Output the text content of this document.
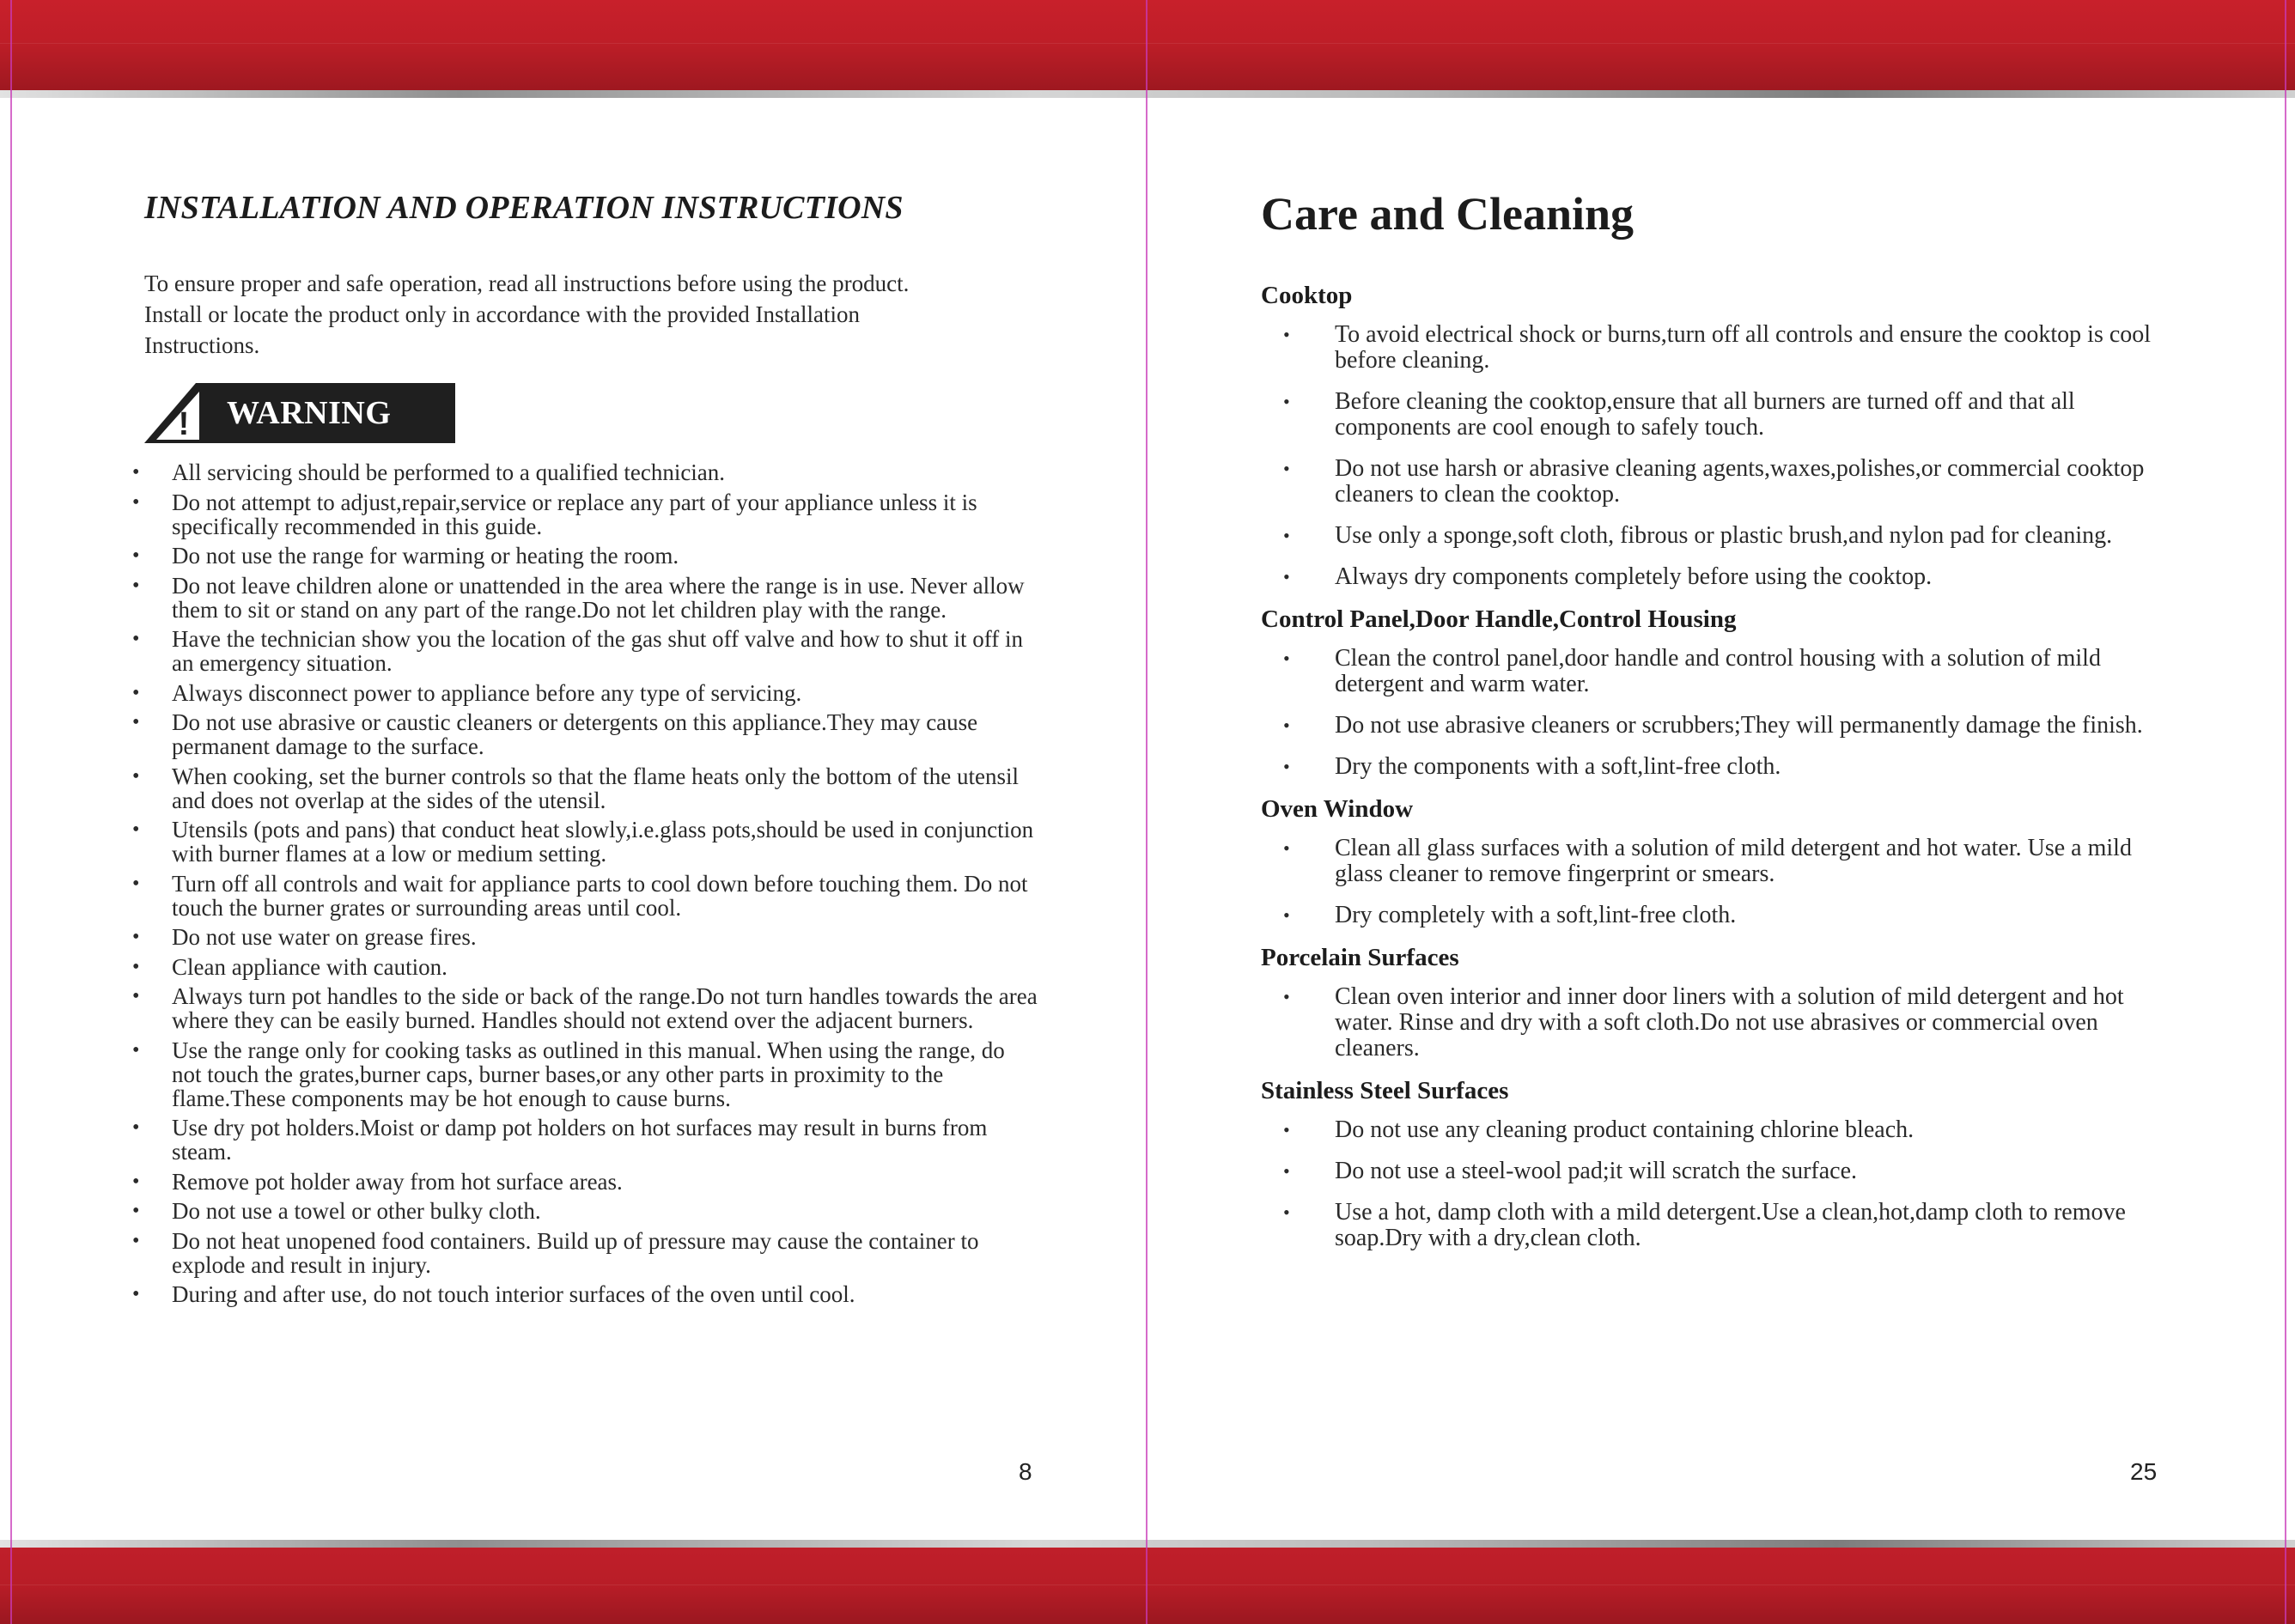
INSTALLATION AND OPERATION INSTRUCTIONS

To ensure proper and safe operation, read all instructions before using the product.
Install or locate the product only in accordance with the provided Installation
Instructions.

!	WARNING
• All servicing should be performed to a qualified technician.
• Do not attempt to adjust,repair,service or replace any part of your appliance unless it is specifically recommended in this guide.
• Do not use the range for warming or heating the room.
• Do not leave children alone or unattended in the area where the range is in use. Never allow them to sit or stand on any part of the range.Do not let children play with the range.
• Have the technician show you the location of the gas shut off valve and how to shut it off in an emergency situation.
• Always disconnect power to appliance before any type of servicing.
• Do not use abrasive or caustic cleaners or detergents on this appliance.They may cause permanent damage to the surface.
• When cooking, set the burner controls so that the flame heats only the bottom of the utensil and does not overlap at the sides of the utensil.
• Utensils (pots and pans) that conduct heat slowly,i.e.glass pots,should be used in conjunction with burner flames at a low or medium setting.
• Turn off all controls and wait for appliance parts to cool down before touching them. Do not touch the burner grates or surrounding areas until cool.
• Do not use water on grease fires.
• Clean appliance with caution.
• Always turn pot handles to the side or back of the range.Do not turn handles towards the area where they can be easily burned. Handles should not extend over the adjacent burners.
• Use the range only for cooking tasks as outlined in this manual. When using the range, do not touch the grates,burner caps, burner bases,or any other parts in proximity to the flame.These components may be hot enough to cause burns.
• Use dry pot holders.Moist or damp pot holders on hot surfaces may result in burns from steam.
• Remove pot holder away from hot surface areas.
• Do not use a towel or other bulky cloth.
• Do not heat unopened food containers. Build up of pressure may cause the container to explode and result in injury.
• During and after use, do not touch interior surfaces of the oven until cool.
8
Care and Cleaning
Cooktop
• To avoid electrical shock or burns,turn off all controls and ensure the cooktop is cool before cleaning.
• Before cleaning the cooktop,ensure that all burners are turned off and that all components are cool enough to safely touch.
• Do not use harsh or abrasive cleaning agents,waxes,polishes,or commercial cooktop cleaners to clean the cooktop.
• Use only a sponge,soft cloth, fibrous or plastic brush,and nylon pad for cleaning.
• Always dry components completely before using the cooktop.
Control Panel,Door Handle,Control Housing
• Clean the control panel,door handle and control housing with a solution of mild detergent and warm water.
• Do not use abrasive cleaners or scrubbers;They will permanently damage the finish.
• Dry the components with a soft,lint-free cloth.
Oven Window
• Clean all glass surfaces with a solution of mild detergent and hot water. Use a mild glass cleaner to remove fingerprint or smears.
• Dry completely with a soft,lint-free cloth.
Porcelain Surfaces
• Clean oven interior and inner door liners with a solution of mild detergent and hot water. Rinse and dry with a soft cloth.Do not use abrasives or commercial oven cleaners.
Stainless Steel Surfaces
• Do not use any cleaning product containing chlorine bleach.
• Do not use a steel-wool pad;it will scratch the surface.
• Use a hot, damp cloth with a mild detergent.Use a clean,hot,damp cloth to remove soap.Dry with a dry,clean cloth.
25
